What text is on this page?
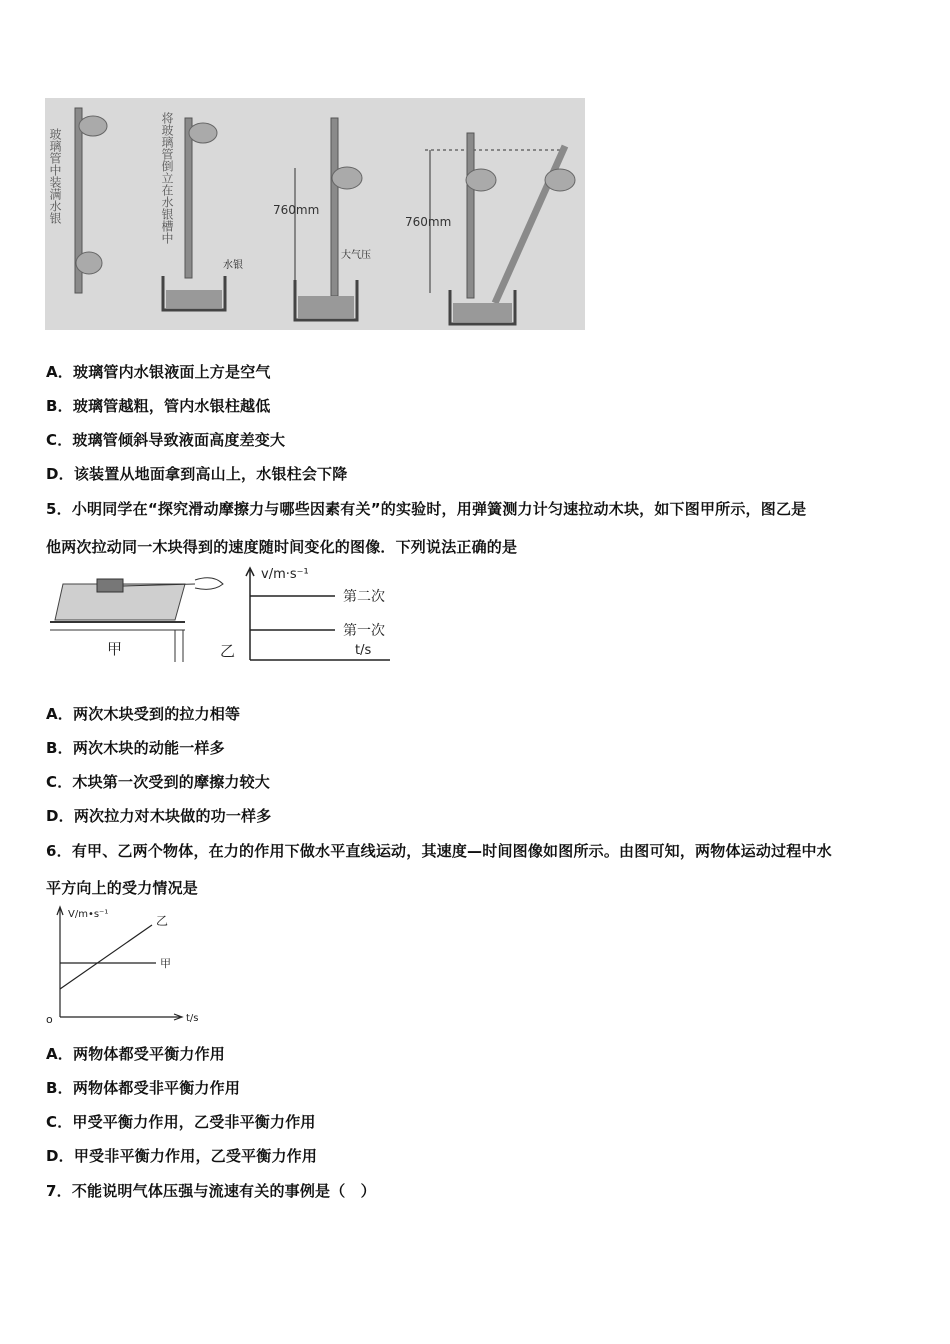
玻璃管中装满水银	将玻璃管倒立在水银槽中
水银
760mm
大气压
760mm
A．玻璃管内水银液面上方是空气
B．玻璃管越粗，管内水银柱越低
C．玻璃管倾斜导致液面高度差变大
D．该装置从地面拿到高山上，水银柱会下降
5．小明同学在“探究滑动摩擦力与哪些因素有关”的实验时，用弹簧测力计匀速拉动木块，如下图甲所示，图乙是
他两次拉动同一木块得到的速度随时间变化的图像．下列说法正确的是
甲	乙
v/m·s⁻¹
t/s
第二次
第一次
A．两次木块受到的拉力相等
B．两次木块的动能一样多
C．木块第一次受到的摩擦力较大
D．两次拉力对木块做的功一样多
6．有甲、乙两个物体，在力的作用下做水平直线运动，其速度—时间图像如图所示。由图可知，两物体运动过程中水
平方向上的受力情况是
V/m•s⁻¹
t/s
o
乙
甲
A．两物体都受平衡力作用
B．两物体都受非平衡力作用
C．甲受平衡力作用，乙受非平衡力作用
D．甲受非平衡力作用，乙受平衡力作用
7．不能说明气体压强与流速有关的事例是（　）
